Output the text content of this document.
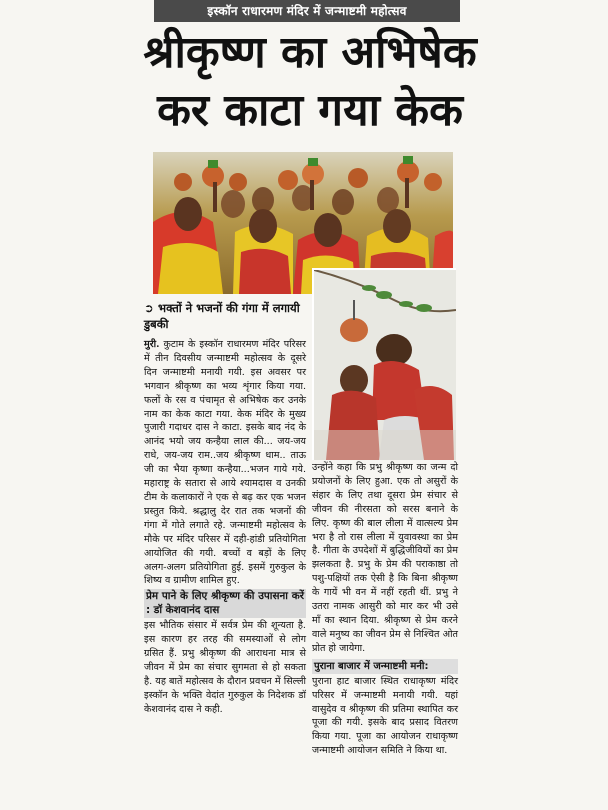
इस्कॉन राधारमण मंदिर में जन्माष्टमी महोत्सव
श्रीकृष्ण का अभिषेक
कर काटा गया केक
➲ भक्तों ने भजनों की गंगा में लगायी डुबकी

मुरी. कुटाम के इस्कॉन राधारमण मंदिर परिसर में तीन दिवसीय जन्माष्टमी महोत्सव के दूसरे दिन जन्माष्टमी मनायी गयी. इस अवसर पर भगवान श्रीकृष्ण का भव्य शृंगार किया गया. फलों के रस व पंचामृत से अभिषेक कर उनके नाम का केक काटा गया. केक मंदिर के मुख्य पुजारी गदाधर दास ने काटा. इसके बाद नंद के आनंद भयो जय कन्हैया लाल की... जय-जय राधे, जय-जय राम..जय श्रीकृष्ण धाम.. ताऊ जी का भैया कृष्णा कन्हैया...भजन गाये गये. महाराष्ट्र के सतारा से आये श्यामदास व उनकी टीम के कलाकारों ने एक से बढ़ कर एक भजन प्रस्तुत किये. श्रद्धालु देर रात तक भजनों की गंगा में गोते लगाते रहे. जन्माष्टमी महोत्सव के मौके पर मंदिर परिसर में दही-हांडी प्रतियोगिता आयोजित की गयी. बच्चों व बड़ों के लिए अलग-अलग प्रतियोगिता हुई. इसमें गुरुकुल के शिष्य व ग्रामीण शामिल हुए.

प्रेम पाने के लिए श्रीकृष्ण की उपासना करें : डॉ केशवानंद दास

इस भौतिक संसार में सर्वत्र प्रेम की शून्यता है. इस कारण हर तरह की समस्याओं से लोग ग्रसित हैं. प्रभु श्रीकृष्ण की आराधना मात्र से जीवन में प्रेम का संचार सुगमता से हो सकता है. यह बातें महोत्सव के दौरान प्रवचन में सिल्ली इस्कॉन के भक्ति वेदांत गुरुकुल के निदेशक डॉ केशवानंद दास ने कही.

उन्होंने कहा कि प्रभु श्रीकृष्ण का जन्म दो प्रयोजनों के लिए हुआ. एक तो असुरों के संहार के लिए तथा दूसरा प्रेम संचार से जीवन की नीरसता को सरस बनाने के लिए. कृष्ण की बाल लीला में वात्सल्य प्रेम भरा है तो रास लीला में युवावस्था का प्रेम है. गीता के उपदेशों में बुद्धिजीवियों का प्रेम झलकता है. प्रभु के प्रेम की पराकाष्ठा तो पशु-पक्षियों तक ऐसी है कि बिना श्रीकृष्ण के गायें भी वन में नहीं रहती थीं. प्रभु ने उतरा नामक आसुरी को मार कर भी उसे माँ का स्थान दिया. श्रीकृष्ण से प्रेम करने वाले मनुष्य का जीवन प्रेम से निश्चित ओत प्रोत हो जायेगा.

पुराना बाजार में जन्माष्टमी मनी:

पुराना हाट बाजार स्थित राधाकृष्ण मंदिर परिसर में जन्माष्टमी मनायी गयी. यहां वासुदेव व श्रीकृष्ण की प्रतिमा स्थापित कर पूजा की गयी. इसके बाद प्रसाद वितरण किया गया. पूजा का आयोजन राधाकृष्ण जन्माष्टमी आयोजन समिति ने किया था.
